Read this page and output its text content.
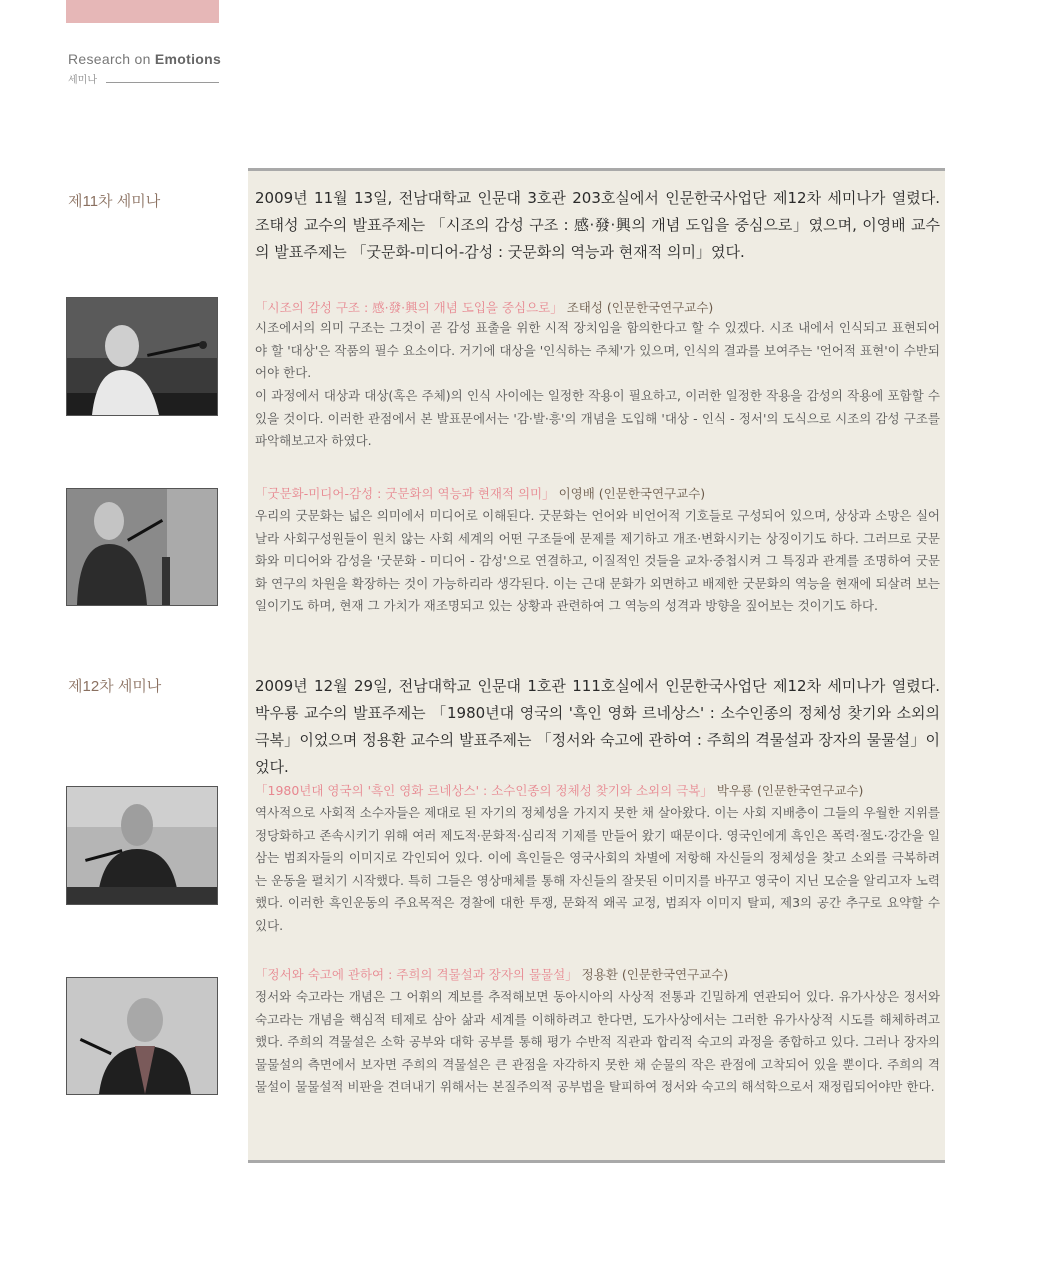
Research on Emotions
세미나
제11차 세미나	2009년 11월 13일, 전남대학교 인문대 3호관 203호실에서 인문한국사업단 제12차 세미나가 열렸다. 조태성 교수의 발표주제는 「시조의 감성 구조 : 感·發·興의 개념 도입을 중심으로」였으며, 이영배 교수의 발표주제는 「굿문화-미디어-감성 : 굿문화의 역능과 현재적 의미」였다.

「시조의 감성 구조 : 感·發·興의 개념 도입을 중심으로」 조태성 (인문한국연구교수)

시조에서의 의미 구조는 그것이 곧 감성 표출을 위한 시적 장치임을 함의한다고 할 수 있겠다. 시조 내에서 인식되고 표현되어야 할 '대상'은 작품의 필수 요소이다. 거기에 대상을 '인식하는 주체'가 있으며, 인식의 결과를 보여주는 '언어적 표현'이 수반되어야 한다.

이 과정에서 대상과 대상(혹은 주체)의 인식 사이에는 일정한 작용이 필요하고, 이러한 일정한 작용을 감성의 작용에 포함할 수 있을 것이다. 이러한 관점에서 본 발표문에서는 '감·발·흥'의 개념을 도입해 '대상 - 인식 - 정서'의 도식으로 시조의 감성 구조를 파악해보고자 하였다.

「굿문화-미디어-감성 : 굿문화의 역능과 현재적 의미」 이영배 (인문한국연구교수)

우리의 굿문화는 넓은 의미에서 미디어로 이해된다. 굿문화는 언어와 비언어적 기호들로 구성되어 있으며, 상상과 소망은 실어 날라 사회구성원들이 원치 않는 사회 세계의 어떤 구조들에 문제를 제기하고 개조·변화시키는 상징이기도 하다. 그러므로 굿문화와 미디어와 감성을 '굿문화 - 미디어 - 감성'으로 연결하고, 이질적인 것들을 교차·중첩시켜 그 특징과 관계를 조명하여 굿문화 연구의 차원을 확장하는 것이 가능하리라 생각된다. 이는 근대 문화가 외면하고 배제한 굿문화의 역능을 현재에 되살려 보는 일이기도 하며, 현재 그 가치가 재조명되고 있는 상황과 관련하여 그 역능의 성격과 방향을 짚어보는 것이기도 하다.

제12차 세미나	2009년 12월 29일, 전남대학교 인문대 1호관 111호실에서 인문한국사업단 제12차 세미나가 열렸다. 박우룡 교수의 발표주제는 「1980년대 영국의 '흑인 영화 르네상스' : 소수인종의 정체성 찾기와 소외의 극복」이었으며 정용환 교수의 발표주제는 「정서와 숙고에 관하여 : 주희의 격물설과 장자의 물물설」이었다.

「1980년대 영국의 '흑인 영화 르네상스' : 소수인종의 정체성 찾기와 소외의 극복」 박우룡 (인문한국연구교수)

역사적으로 사회적 소수자들은 제대로 된 자기의 정체성을 가지지 못한 채 살아왔다. 이는 사회 지배층이 그들의 우월한 지위를 정당화하고 존속시키기 위해 여러 제도적·문화적·심리적 기제를 만들어 왔기 때문이다. 영국인에게 흑인은 폭력·절도·강간을 일삼는 범죄자들의 이미지로 각인되어 있다. 이에 흑인들은 영국사회의 차별에 저항해 자신들의 정체성을 찾고 소외를 극복하려는 운동을 펼치기 시작했다. 특히 그들은 영상매체를 통해 자신들의 잘못된 이미지를 바꾸고 영국이 지닌 모순을 알리고자 노력했다. 이러한 흑인운동의 주요목적은 경찰에 대한 투쟁, 문화적 왜곡 교정, 범죄자 이미지 탈피, 제3의 공간 추구로 요약할 수 있다.

「정서와 숙고에 관하여 : 주희의 격물설과 장자의 물물설」 정용환 (인문한국연구교수)

정서와 숙고라는 개념은 그 어휘의 계보를 추적해보면 동아시아의 사상적 전통과 긴밀하게 연관되어 있다. 유가사상은 정서와 숙고라는 개념을 핵심적 테제로 삼아 삶과 세계를 이해하려고 한다면, 도가사상에서는 그러한 유가사상적 시도를 해체하려고 했다. 주희의 격물설은 소학 공부와 대학 공부를 통해 평가 수반적 직관과 합리적 숙고의 과정을 종합하고 있다. 그러나 장자의 물물설의 측면에서 보자면 주희의 격물설은 큰 관점을 자각하지 못한 채 순물의 작은 관점에 고착되어 있을 뿐이다. 주희의 격물설이 물물설적 비판을 견뎌내기 위해서는 본질주의적 공부법을 탈피하여 정서와 숙고의 해석학으로서 재정립되어야만 한다.
